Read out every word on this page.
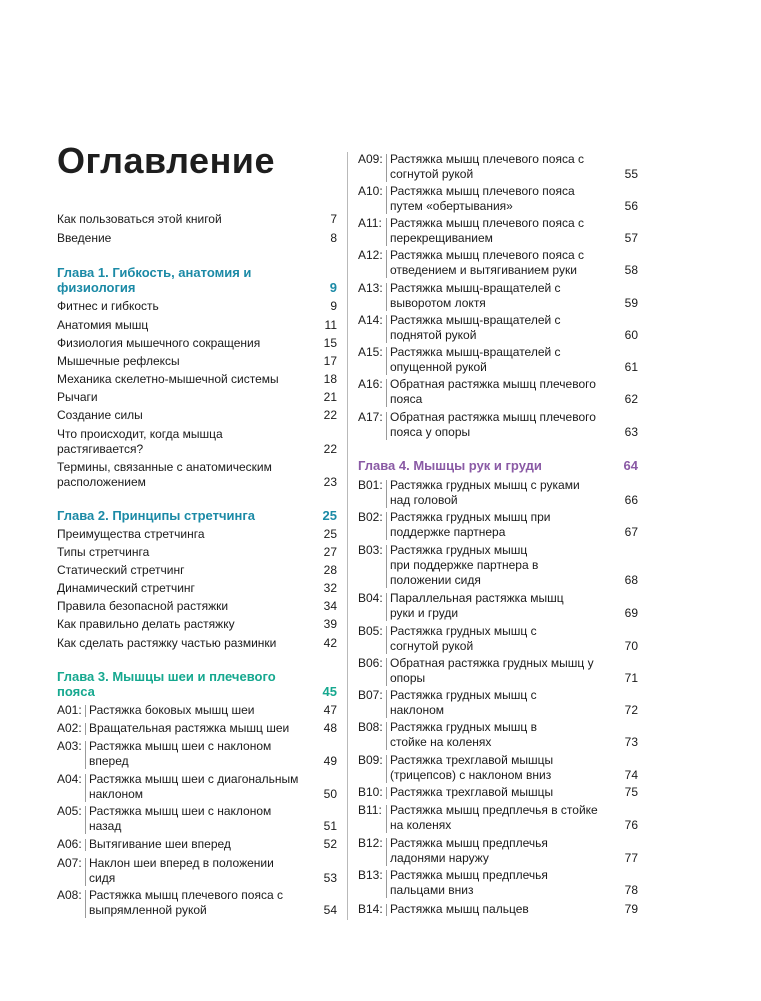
Оглавление
Как пользоваться этой книгой	7
Введение	8
Глава 1. Гибкость, анатомия и физиология	9
Фитнес и гибкость	9
Анатомия мышц	11
Физиология мышечного сокращения	15
Мышечные рефлексы	17
Механика скелетно-мышечной системы	18
Рычаги	21
Создание силы	22
Что происходит, когда мышца растягивается?	22
Термины, связанные с анатомическим расположением	23
Глава 2. Принципы стретчинга	25
Преимущества стретчинга	25
Типы стретчинга	27
Статический стретчинг	28
Динамический стретчинг	32
Правила безопасной растяжки	34
Как правильно делать растяжку	39
Как сделать растяжку частью разминки	42
Глава 3. Мышцы шеи и плечевого пояса	45
A01: Растяжка боковых мышц шеи	47
A02: Вращательная растяжка мышц шеи	48
A03: Растяжка мышц шеи с наклоном вперед	49
A04: Растяжка мышц шеи с диагональным наклоном	50
A05: Растяжка мышц шеи с наклоном назад	51
A06: Вытягивание шеи вперед	52
A07: Наклон шеи вперед в положении сидя	53
A08: Растяжка мышц плечевого пояса с выпрямленной рукой	54
A09: Растяжка мышц плечевого пояса с согнутой рукой	55
A10: Растяжка мышц плечевого пояса путем «обертывания»	56
A11: Растяжка мышц плечевого пояса с перекрещиванием	57
A12: Растяжка мышц плечевого пояса с отведением и вытягиванием руки	58
A13: Растяжка мышц-вращателей с выворотом локтя	59
A14: Растяжка мышц-вращателей с поднятой рукой	60
A15: Растяжка мышц-вращателей с опущенной рукой	61
A16: Обратная растяжка мышц плечевого пояса	62
A17: Обратная растяжка мышц плечевого пояса у опоры	63
Глава 4. Мышцы рук и груди	64
B01: Растяжка грудных мышц с руками над головой	66
B02: Растяжка грудных мышц при поддержке партнера	67
B03: Растяжка грудных мышц при поддержке партнера в положении сидя	68
B04: Параллельная растяжка мышц руки и груди	69
B05: Растяжка грудных мышц с согнутой рукой	70
B06: Обратная растяжка грудных мышц у опоры	71
B07: Растяжка грудных мышц с наклоном	72
B08: Растяжка грудных мышц в стойке на коленях	73
B09: Растяжка трехглавой мышцы (трицепсов) с наклоном вниз	74
B10: Растяжка трехглавой мышцы	75
B11: Растяжка мышц предплечья в стойке на коленях	76
B12: Растяжка мышц предплечья ладонями наружу	77
B13: Растяжка мышц предплечья пальцами вниз	78
B14: Растяжка мышц пальцев	79
